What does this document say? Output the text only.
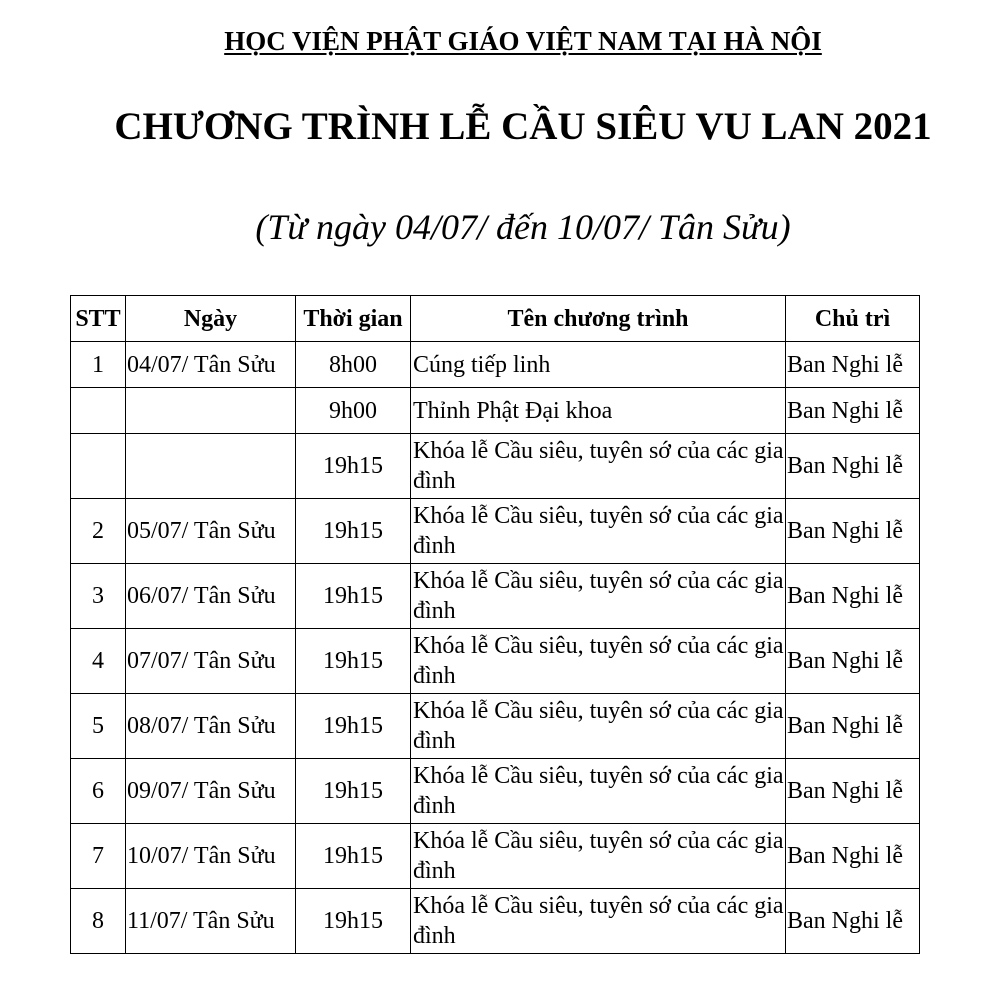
HỌC VIỆN PHẬT GIÁO VIỆT NAM TẠI HÀ NỘI
CHƯƠNG TRÌNH LỄ CẦU SIÊU VU LAN 2021
(Từ ngày 04/07/ đến 10/07/ Tân Sửu)
STT	Ngày	Thời gian	Tên chương trình	Chủ trì
1	04/07/ Tân Sửu	8h00	Cúng tiếp linh	Ban Nghi lễ
		9h00	Thỉnh Phật Đại khoa	Ban Nghi lễ
		19h15	Khóa lễ Cầu siêu, tuyên sớ của các gia đình	Ban Nghi lễ
2	05/07/ Tân Sửu	19h15	Khóa lễ Cầu siêu, tuyên sớ của các gia đình	Ban Nghi lễ
3	06/07/ Tân Sửu	19h15	Khóa lễ Cầu siêu, tuyên sớ của các gia đình	Ban Nghi lễ
4	07/07/ Tân Sửu	19h15	Khóa lễ Cầu siêu, tuyên sớ của các gia đình	Ban Nghi lễ
5	08/07/ Tân Sửu	19h15	Khóa lễ Cầu siêu, tuyên sớ của các gia đình	Ban Nghi lễ
6	09/07/ Tân Sửu	19h15	Khóa lễ Cầu siêu, tuyên sớ của các gia đình	Ban Nghi lễ
7	10/07/ Tân Sửu	19h15	Khóa lễ Cầu siêu, tuyên sớ của các gia đình	Ban Nghi lễ
8	11/07/ Tân Sửu	19h15	Khóa lễ Cầu siêu, tuyên sớ của các gia đình	Ban Nghi lễ
